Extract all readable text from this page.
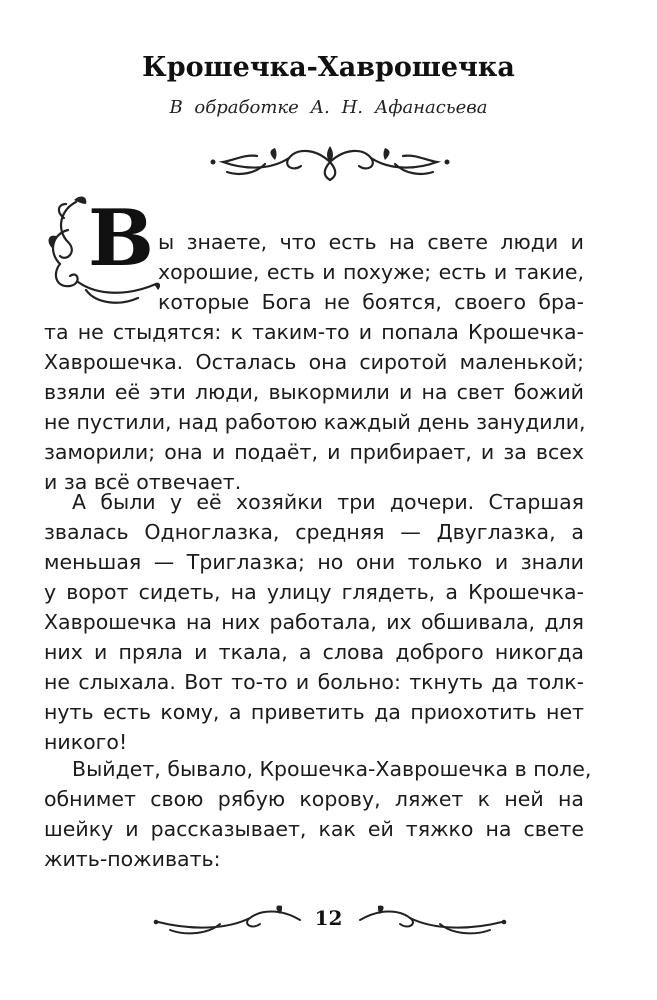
Крошечка-Хаврошечка
В обработке А. Н. Афанасьева
В ы знаете, что есть на свете люди и
хорошие, есть и похуже; есть и такие,
которые Бога не боятся, своего бра-
та не стыдятся: к таким-то и попала Крошечка-
Хаврошечка. Осталась она сиротой маленькой;
взяли её эти люди, выкормили и на свет божий
не пустили, над работою каждый день занудили,
заморили; она и подаёт, и прибирает, и за всех
и за всё отвечает.
А были у её хозяйки три дочери. Старшая
звалась Одноглазка, средняя — Двуглазка, а
меньшая — Триглазка; но они только и знали
у ворот сидеть, на улицу глядеть, а Крошечка-
Хаврошечка на них работала, их обшивала, для
них и пряла и ткала, а слова доброго никогда
не слыхала. Вот то-то и больно: ткнуть да толк-
нуть есть кому, а приветить да приохотить нет
никого!
Выйдет, бывало, Крошечка-Хаврошечка в поле,
обнимет свою рябую корову, ляжет к ней на
шейку и рассказывает, как ей тяжко на свете
жить-поживать:
12
